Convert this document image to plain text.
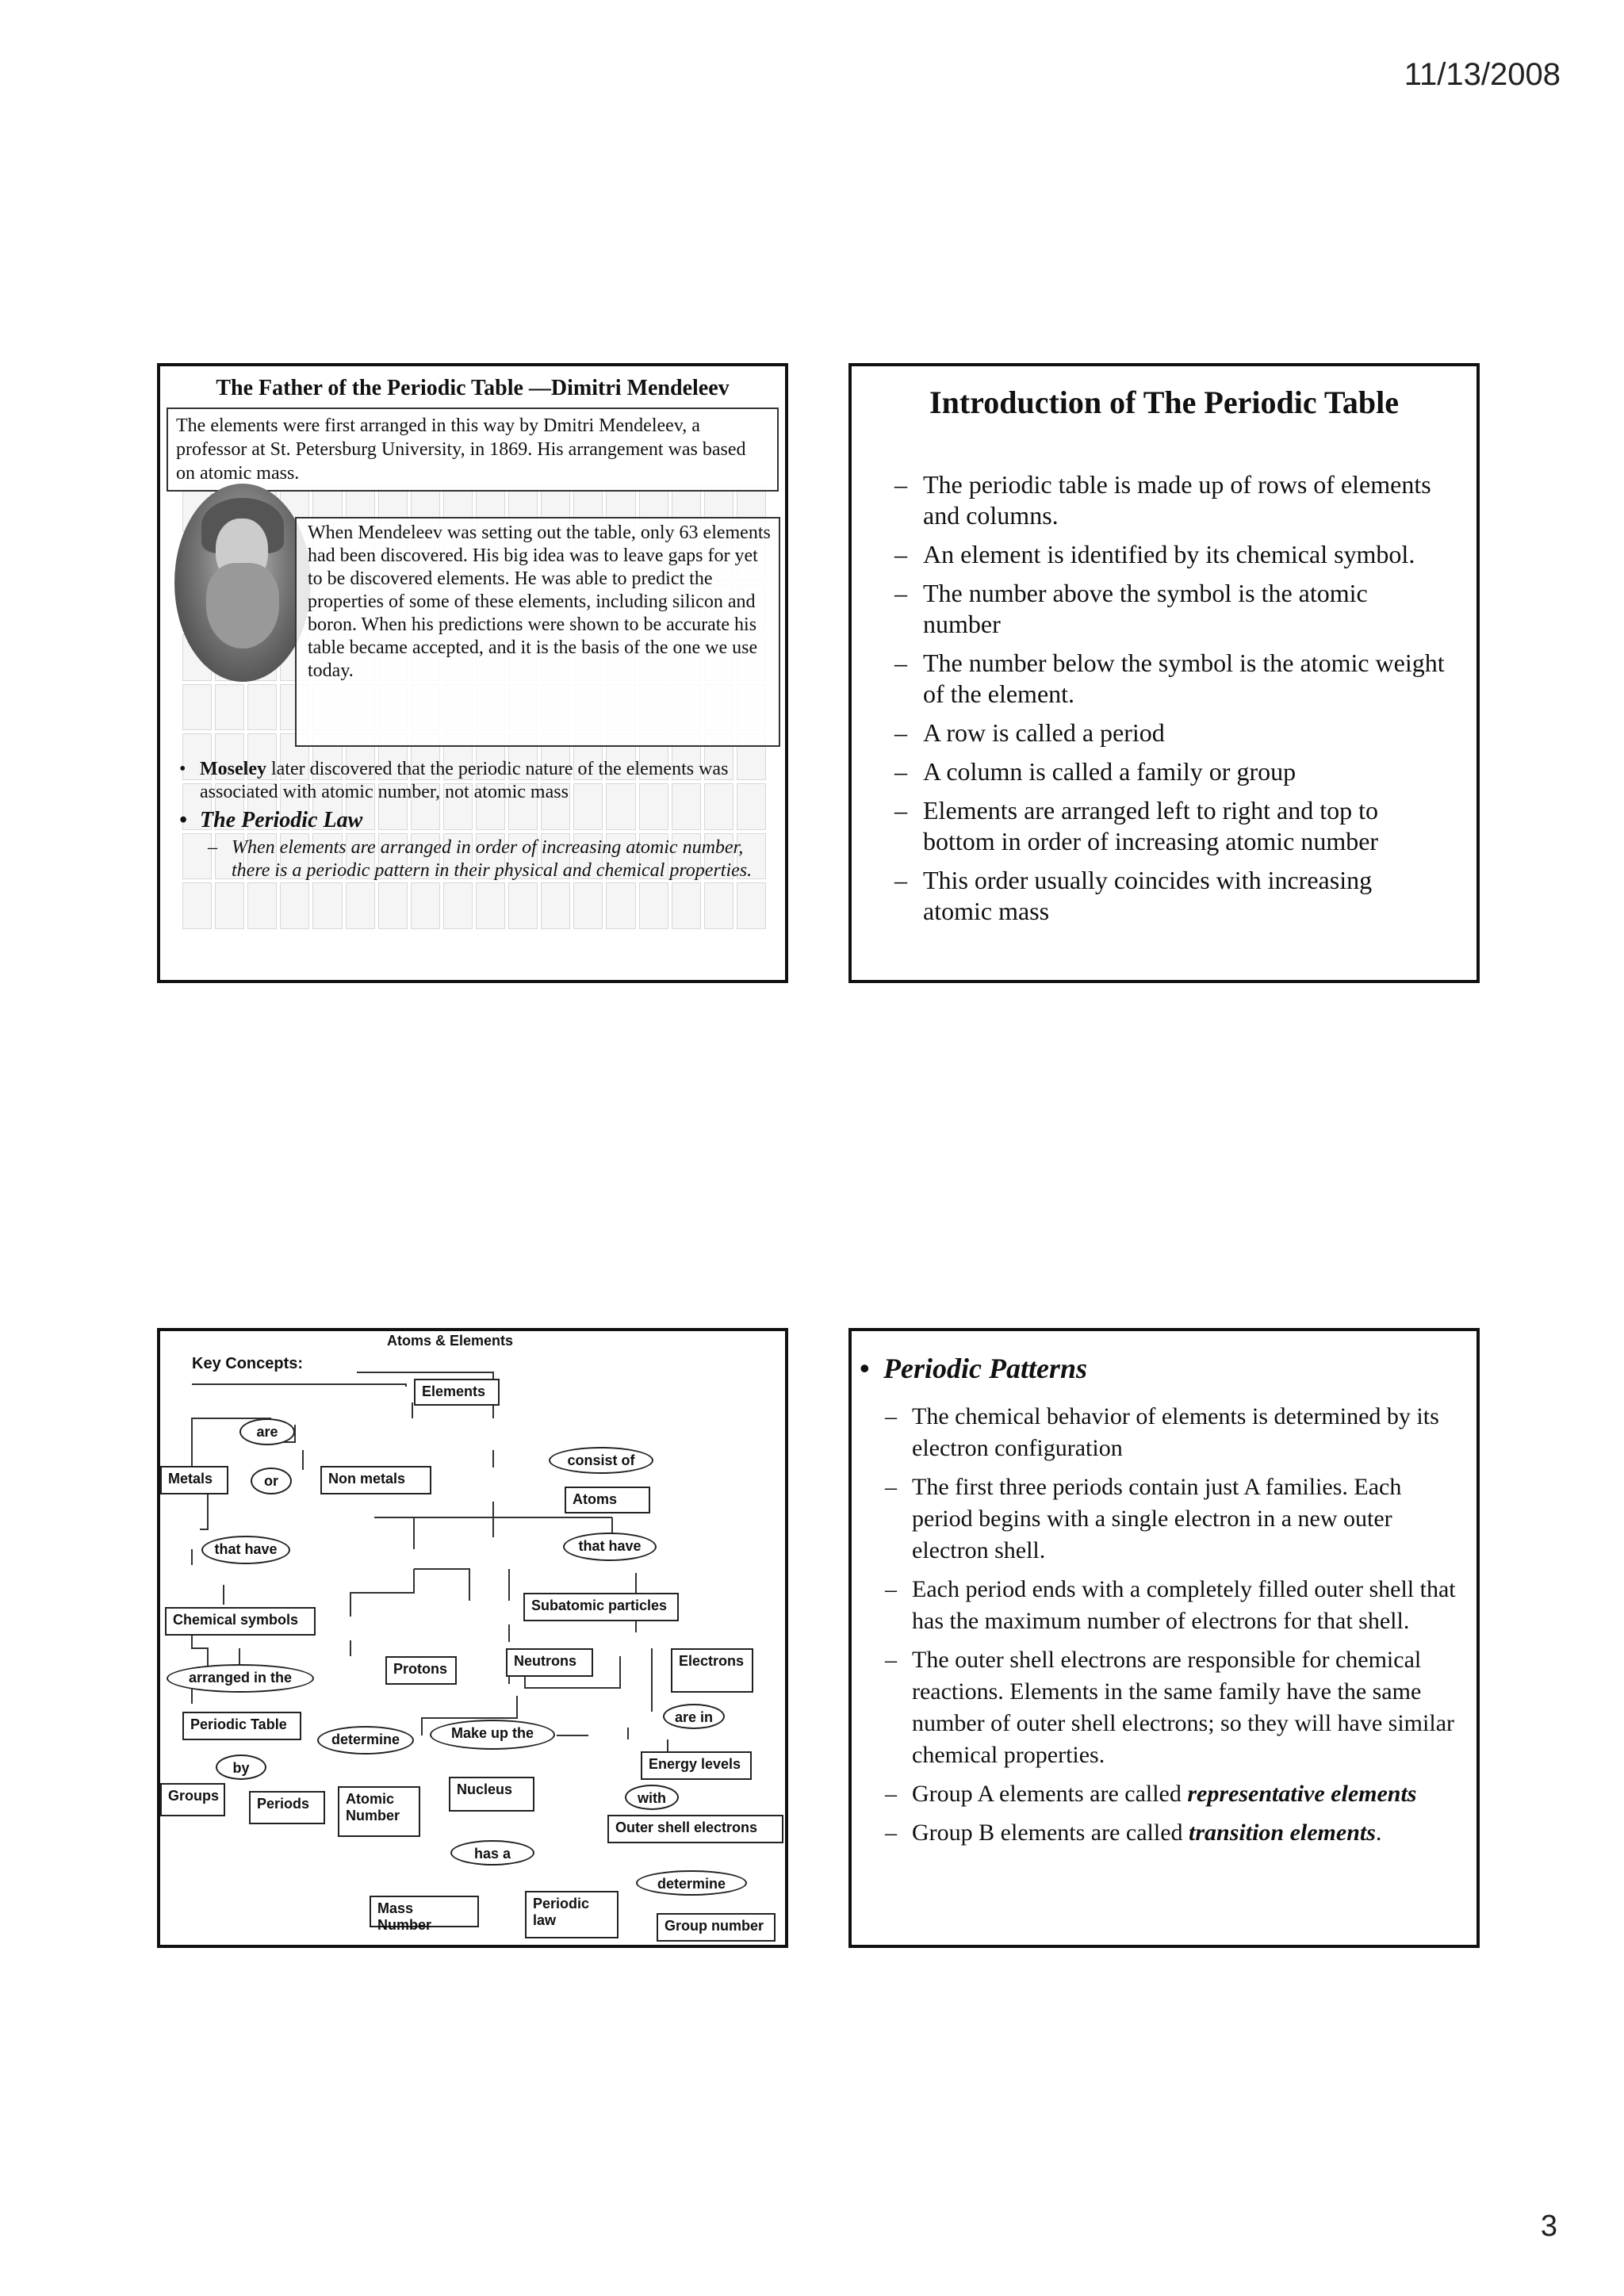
11/13/2008
The Father of the Periodic Table —Dimitri Mendeleev
The elements were first arranged in this way by Dmitri Mendeleev, a professor at St. Petersburg University, in 1869. His arrangement was based on atomic mass.
When Mendeleev was setting out the table, only 63 elements had been discovered. His big idea was to leave gaps for yet to be discovered elements. He was able to predict the properties of some of these elements, including silicon and boron. When his predictions were shown to be accurate his table became accepted, and it is the basis of the one we use today.
• Moseley later discovered that the periodic nature of the elements was associated with atomic number, not atomic mass
• The Periodic Law
– When elements are arranged in order of increasing atomic number, there is a periodic pattern in their physical and chemical properties.
Introduction of The Periodic Table
– The periodic table is made up of rows of elements and columns.
– An element is identified by its chemical symbol.
– The number above the symbol is the atomic number
– The number below the symbol is the atomic weight of the element.
– A row is called a period
– A column is called a family or group
– Elements are arranged left to right and top to bottom in order of increasing atomic number
– This order usually coincides with increasing atomic mass
Atoms & Elements
Key Concepts:
Elements
are
consist of
Metals	or	Non metals
Atoms
that have	that have
Subatomic particles
Chemical symbols
arranged in the
Protons	Neutrons	Electrons
are in
Periodic Table
determine	Make up the
by	Energy levels
Groups	Periods	Atomic Number
Nucleus
with
Outer shell electrons
has a
determine
Mass Number
Periodic law	Group number
• Periodic Patterns
– The chemical behavior of elements is determined by its electron configuration
– The first three periods contain just A families. Each period begins with a single electron in a new outer electron shell.
– Each period ends with a completely filled outer shell that has the maximum number of electrons for that shell.
– The outer shell electrons are responsible for chemical reactions. Elements in the same family have the same number of outer shell electrons; so they will have similar chemical properties.
– Group A elements are called representative elements
– Group B elements are called transition elements.
3
